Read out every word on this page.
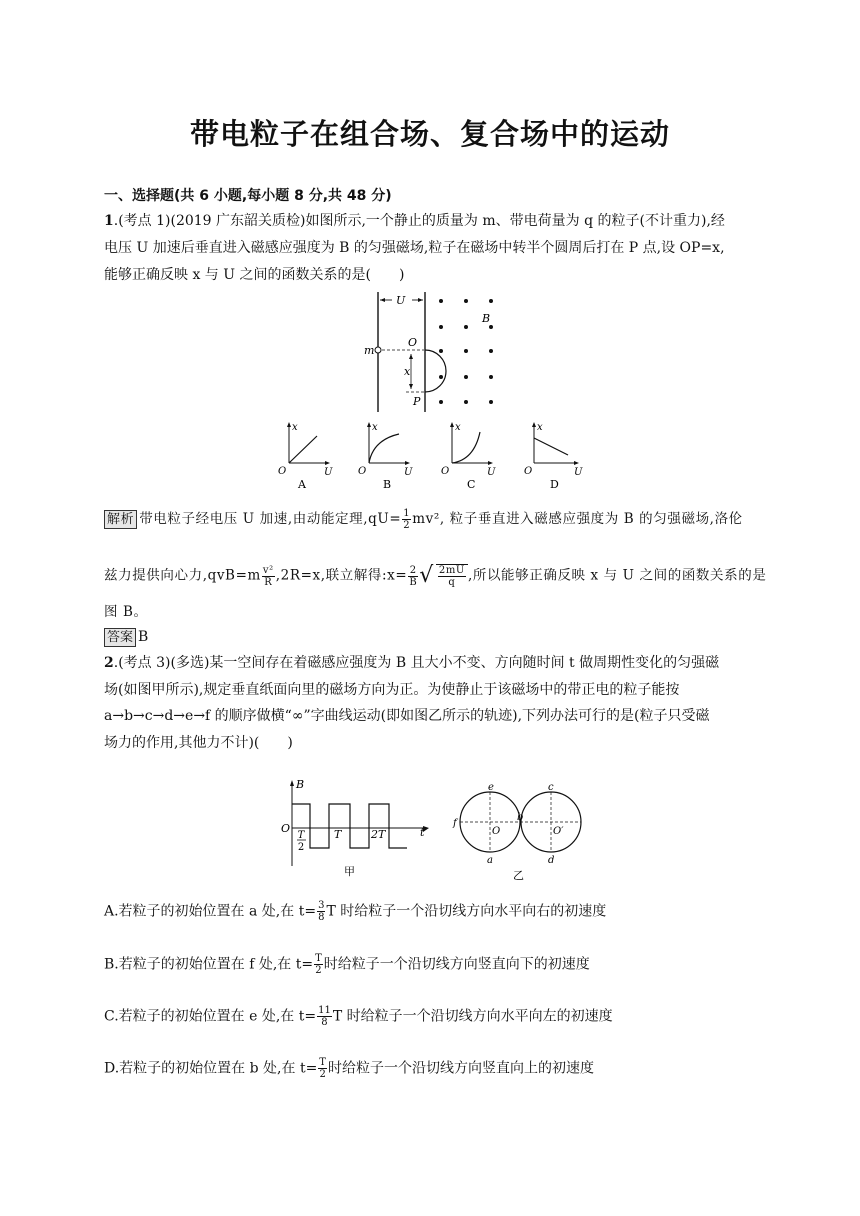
带电粒子在组合场、复合场中的运动
一、选择题(共 6 小题,每小题 8 分,共 48 分)
1.(考点 1)(2019 广东韶关质检)如图所示,一个静止的质量为 m、带电荷量为 q 的粒子(不计重力),经
电压 U 加速后垂直进入磁感应强度为 B 的匀强磁场,粒子在磁场中转半个圆周后打在 P 点,设 OP=x,
能够正确反映 x 与 U 之间的函数关系的是(　　)
U
B
m
O
x
P
x
O	U
A
x
O	U
B
x
O	U
C
x
O	U
D
解析 带电粒子经电压 U 加速,由动能定理$,qU= \frac{1}{2} mv^2$, 粒子垂直进入磁感应强度为 B 的匀强磁场,洛伦
兹力提供向心力$,qvB=m \frac{\text{v²}}{R} ,2R=x$,联立解得:x= $\frac{2}{B}$ √ $\frac{2mU}{q}$ ,所以能够正确反映 x 与 U 之间的函数关系的是
图 B。
答案 B
2.(考点 3)(多选)某一空间存在着磁感应强度为 B 且大小不变、方向随时间 t 做周期性变化的匀强磁
场(如图甲所示),规定垂直纸面向里的磁场方向为正。为使静止于该磁场中的带正电的粒子能按
a→b→c→d→e→f 的顺序做横“∞”字曲线运动(即如图乙所示的轨迹),下列办法可行的是(粒子只受磁
场力的作用,其他力不计)(　　)
B
O	t
T
2
T	2T
甲
e	c
f
b
O	O′
a	d
乙
A.若粒子的初始位置在 a 处,在 $t= \frac{3}{8}$ T 时给粒子一个沿切线方向水平向右的初速度
B.若粒子的初始位置在 f 处,在 $t= \frac{T}{2}$ 时给粒子一个沿切线方向竖直向下的初速度
C.若粒子的初始位置在 e 处,在 $t= \frac{11}{8}$ T 时给粒子一个沿切线方向水平向左的初速度
D.若粒子的初始位置在 b 处,在 $t= \frac{T}{2}$ 时给粒子一个沿切线方向竖直向上的初速度
